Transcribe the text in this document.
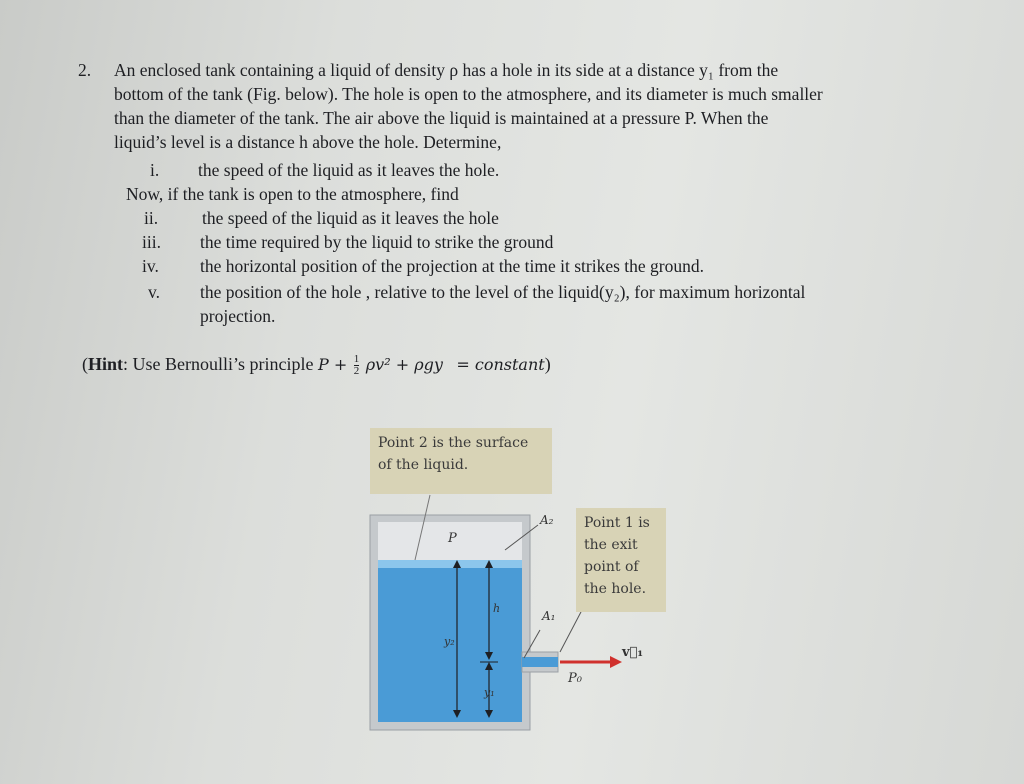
2. An enclosed tank containing a liquid of density ρ has a hole in its side at a distance y₁ from the
bottom of the tank (Fig. below). The hole is open to the atmosphere, and its diameter is much smaller
than the diameter of the tank. The air above the liquid is maintained at a pressure P. When the
liquid’s level is a distance h above the hole. Determine,
i. the speed of the liquid as it leaves the hole.
Now, if the tank is open to the atmosphere, find
ii.	the speed of the liquid as it leaves the hole
iii. the time required by the liquid to strike the ground
iv. the horizontal position of the projection at the time it strikes the ground.
v. the position of the hole , relative to the level of the liquid(y₂), for maximum horizontal
projection.
(Hint: Use Bernoulli’s principle $P + \frac{1}{2} \rho v^2 + \rho gy$ = constant)
P
A₂
A₁
h
y₂
y₁
P₀
v⃗₁
Point 2 is the surface
of the liquid.
Point 1 is
the exit
point of
the hole.
